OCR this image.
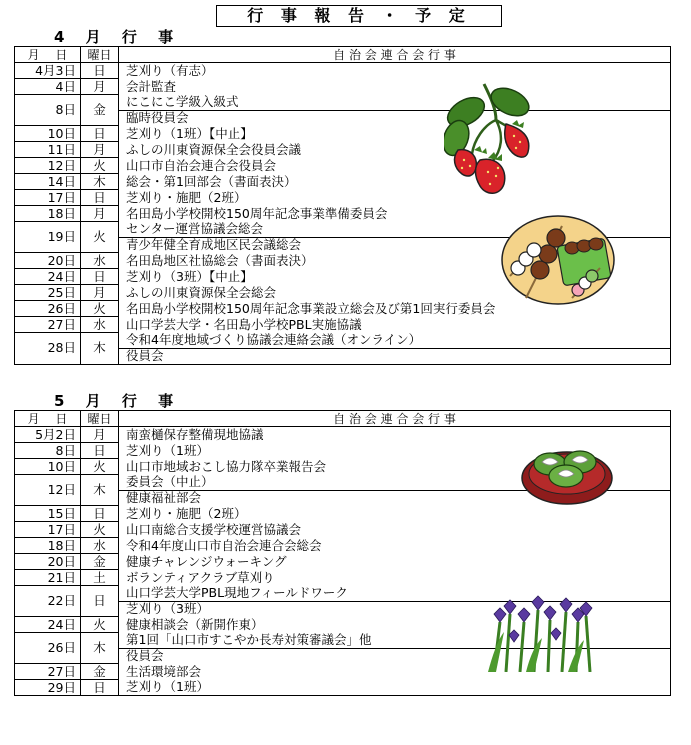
行 事 報 告 ・ 予 定
4 月 行 事
月　 日	曜日	自 治 会 連 合 会 行 事
4月3日	日	芝刈り（有志）
4日	月	会計監査
8日	金	にこにこ学級入級式
		臨時役員会
10日	日	芝刈り（1班）【中止】
11日	月	ふしの川東資源保全会役員会議
12日	火	山口市自治会連合会役員会
14日	木	総会・第1回部会（書面表決）
17日	日	芝刈り・施肥（2班）
18日	月	名田島小学校開校150周年記念事業準備委員会
19日	火	センター運営協議会総会
		青少年健全育成地区民会議総会
20日	水	名田島地区社協総会（書面表決）
24日	日	芝刈り（3班）【中止】
25日	月	ふしの川東資源保全会総会
26日	火	名田島小学校開校150周年記念事業設立総会及び第1回実行委員会
27日	水	山口学芸大学・名田島小学校PBL実施協議
28日	木	令和4年度地域づくり協議会連絡会議（オンライン）
		役員会
5 月 行 事
月　 日	曜日	自 治 会 連 合 会 行 事
5月2日	月	南蛮樋保存整備現地協議
8日	日	芝刈り（1班）
10日	火	山口市地域おこし協力隊卒業報告会
12日	木	委員会（中止）
		健康福祉部会
15日	日	芝刈り・施肥（2班）
17日	火	山口南総合支援学校運営協議会
18日	水	令和4年度山口市自治会連合会総会
20日	金	健康チャレンジウォーキング
21日	土	ボランティアクラブ草刈り
22日	日	山口学芸大学PBL現地フィールドワーク
		芝刈り（3班）
24日	火	健康相談会（新開作東）
26日	木	第1回「山口市すこやか長寿対策審議会」他
		役員会
27日	金	生活環境部会
29日	日	芝刈り（1班）
